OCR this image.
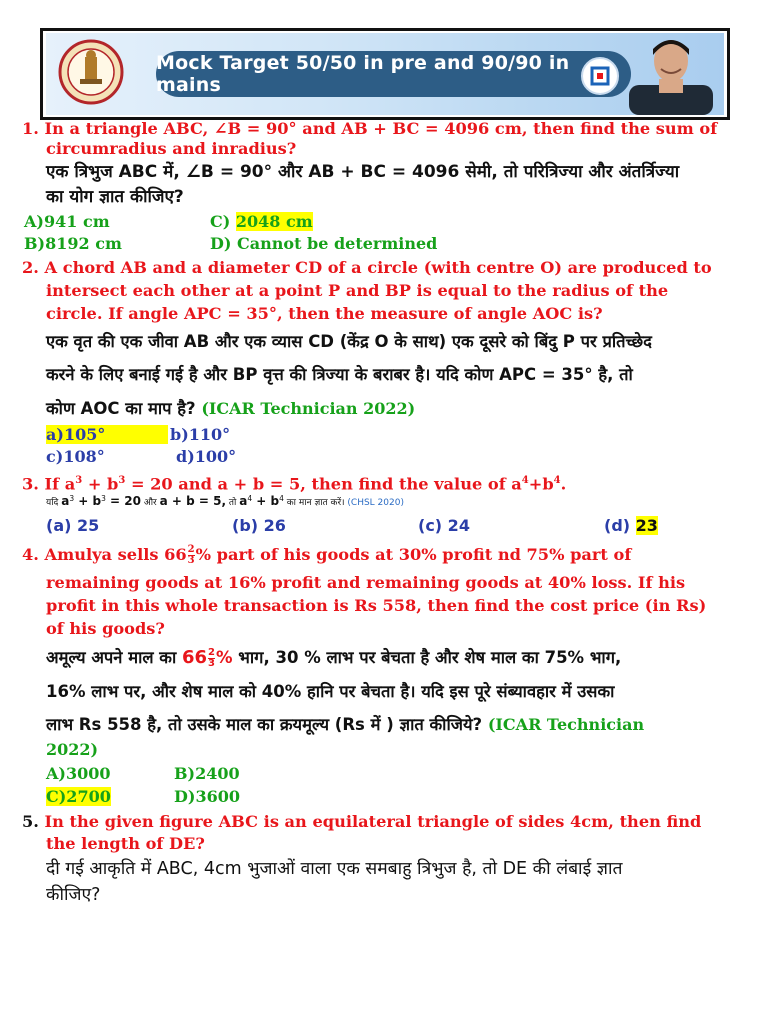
Mock Target 50/50 in pre and 90/90 in mains
1. In a triangle ABC, ∠B = 90° and AB + BC = 4096 cm, then find the sum of
circumradius and inradius?
एक त्रिभुज ABC में, ∠B = 90° और AB + BC = 4096 सेमी, तो परित्रिज्या और अंतर्त्रिज्या
का योग ज्ञात कीजिए?
A)941 cm	C) 2048 cm
B)8192 cm	D) Cannot be determined
2. A chord AB and a diameter CD of a circle (with centre O) are produced to
intersect each other at a point P and BP is equal to the radius of the
circle. If angle APC = 35°, then the measure of angle AOC is?
एक वृत की एक जीवा AB और एक व्यास CD (केंद्र O के साथ) एक दूसरे को बिंदु P पर प्रतिच्छेद
करने के लिए बनाई गई है और BP वृत्त की त्रिज्या के बराबर है। यदि कोण APC = 35° है, तो
कोण AOC का माप है? (ICAR Technician 2022)
a)105°	b)110°
c)108°	d)100°
3. If $a^3 + b^3 = 20$ and a + b = 5, then find the value of $a^4+b^4$.
यदि $a^3 + b^3 = 20$ और a + b = 5, तो $a^4 + b^4$ का मान ज्ञात करें। (CHSL 2020)
(a) 25	(b) 26	(c) 24	(d) 23
4. Amulya sells $66 \frac{2}{3}$ % part of his goods at 30% profit nd 75% part of
remaining goods at 16% profit and remaining goods at 40% loss. If his
profit in this whole transaction is Rs 558, then find the cost price (in Rs)
of his goods?
अमूल्य अपने माल का $66 \frac{2}{3}$ % भाग, 30 % लाभ पर बेचता है और शेष माल का 75% भाग,
16% लाभ पर, और शेष माल को 40% हानि पर बेचता है। यदि इस पूरे संब्यावहार में उसका
लाभ Rs 558 है, तो उसके माल का क्रयमूल्य (Rs में ) ज्ञात कीजिये? (ICAR Technician
2022)
A)3000	B)2400
C)2700	D)3600
5. In the given figure ABC is an equilateral triangle of sides 4cm, then find
the length of DE?
दी गई आकृति में ABC, 4cm भुजाओं वाला एक समबाहु त्रिभुज है, तो DE की लंबाई ज्ञात
कीजिए?
